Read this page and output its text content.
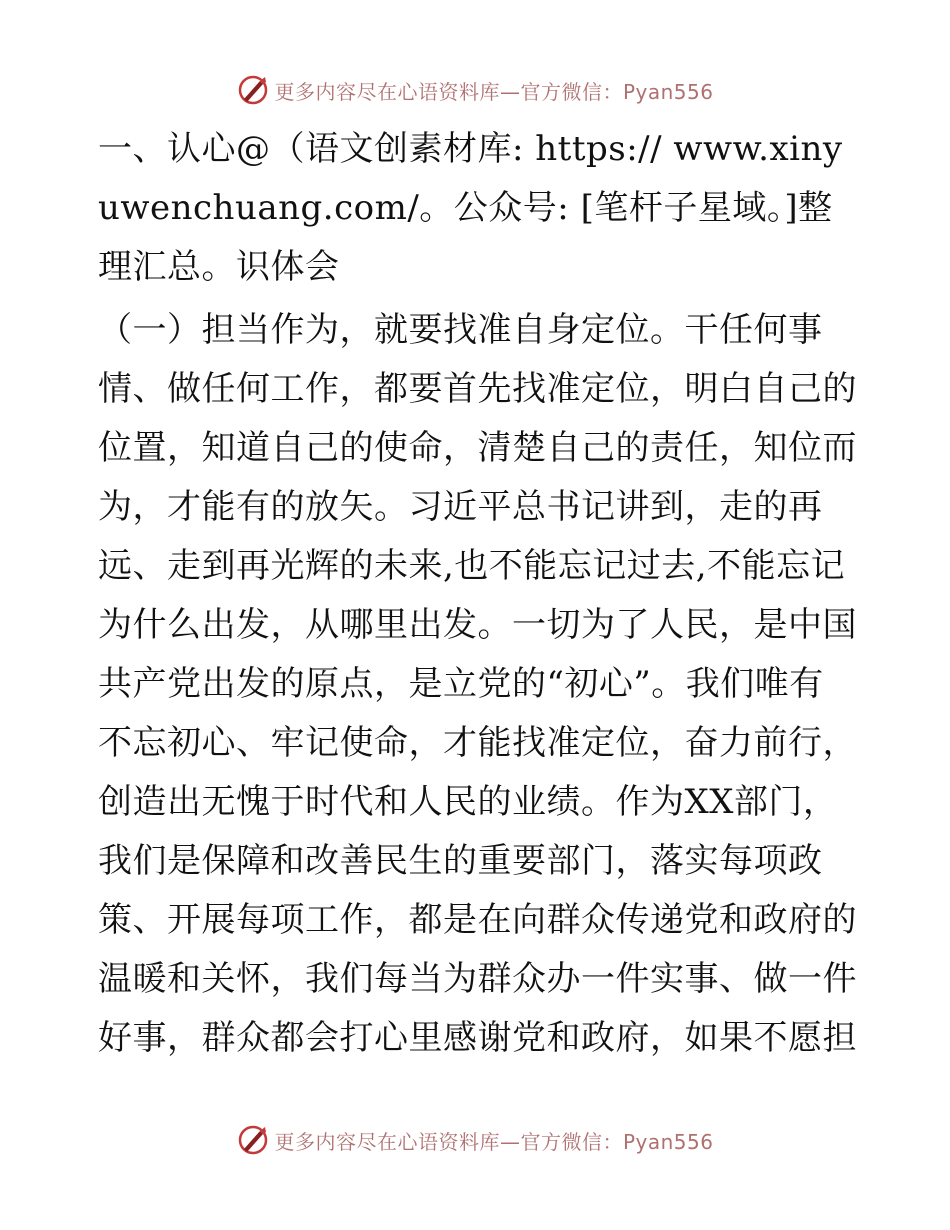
更多内容尽在心语资料库—官方微信：Pyan556

一、认心@（语文创素材库: https:// www.xinyuwenchuang.com/。公众号: [笔杆子星域。]整理汇总。识体会

（一）担当作为，就要找准自身定位。干任何事情、做任何工作，都要首先找准定位，明白自己的位置，知道自己的使命，清楚自己的责任，知位而为，才能有的放矢。习近平总书记讲到，走的再远、走到再光辉的未来,也不能忘记过去,不能忘记为什么出发，从哪里出发。一切为了人民，是中国共产党出发的原点，是立党的“初心”。我们唯有不忘初心、牢记使命，才能找准定位，奋力前行，创造出无愧于时代和人民的业绩。作为XX部门，我们是保障和改善民生的重要部门，落实每项政策、开展每项工作，都是在向群众传递党和政府的温暖和关怀，我们每当为群众办一件实事、做一件好事，群众都会打心里感谢党和政府，如果不愿担

更多内容尽在心语资料库—官方微信：Pyan556
